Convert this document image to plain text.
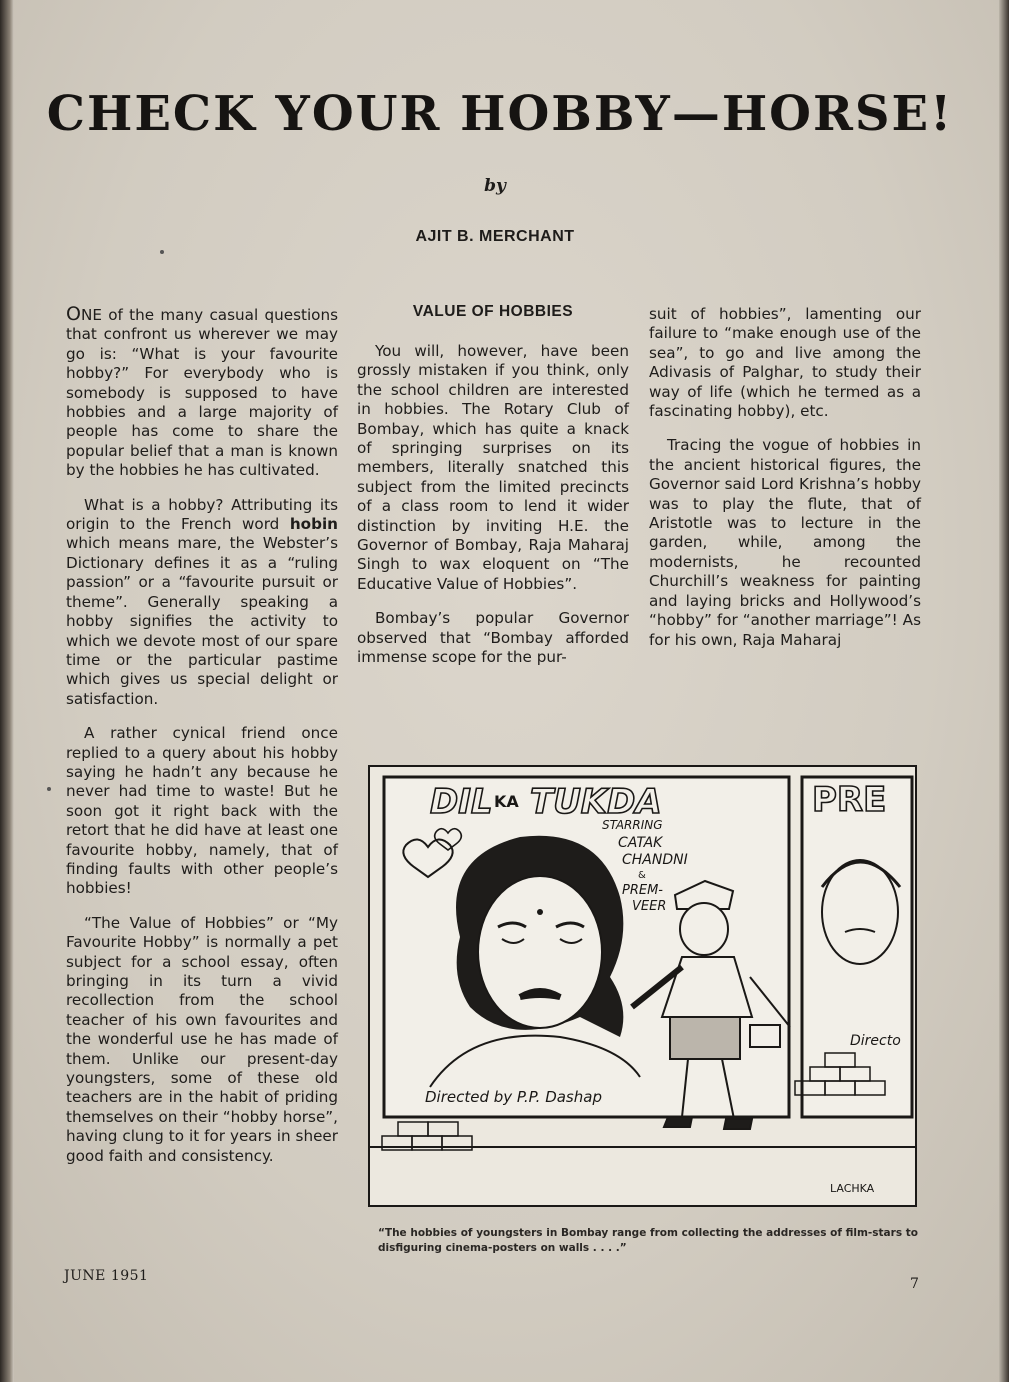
CHECK YOUR HOBBY—HORSE!
by
AJIT B. MERCHANT

ONE of the many casual questions that confront us wherever we may go is: “What is your favourite hobby?” For everybody who is somebody is supposed to have hobbies and a large majority of people has come to share the popular belief that a man is known by the hobbies he has cultivated.

What is a hobby? Attributing its origin to the French word hobin which means mare, the Webster’s Dictionary defines it as a “ruling passion” or a “favourite pursuit or theme”. Generally speaking a hobby signifies the activity to which we devote most of our spare time or the particular pastime which gives us special delight or satisfaction.

A rather cynical friend once replied to a query about his hobby saying he hadn’t any because he never had time to waste! But he soon got it right back with the retort that he did have at least one favourite hobby, namely, that of finding faults with other people’s hobbies!

“The Value of Hobbies” or “My Favourite Hobby” is normally a pet subject for a school essay, often bringing in its turn a vivid recollection from the school teacher of his own favourites and the wonderful use he has made of them. Unlike our present-day youngsters, some of these old teachers are in the habit of priding themselves on their “hobby horse”, having clung to it for years in sheer good faith and consistency.

VALUE OF HOBBIES

You will, however, have been grossly mistaken if you think, only the school children are interested in hobbies. The Rotary Club of Bombay, which has quite a knack of springing surprises on its members, literally snatched this subject from the limited precincts of a class room to lend it wider distinction by inviting H.E. the Governor of Bombay, Raja Maharaj Singh to wax eloquent on “The Educative Value of Hobbies”.

Bombay’s popular Governor observed that “Bombay afforded immense scope for the pur-

suit of hobbies”, lamenting our failure to “make enough use of the sea”, to go and live among the Adivasis of Palghar, to study their way of life (which he termed as a fascinating hobby), etc.

Tracing the vogue of hobbies in the ancient historical figures, the Governor said Lord Krishna’s hobby was to play the flute, that of Aristotle was to lecture in the garden, while, among the modernists, he recounted Churchill’s weakness for painting and laying bricks and Hollywood’s “hobby” for “another marriage”! As for his own, Raja Maharaj

DIL KA TUKDA
STARRING
CATAK
CHANDNI
&
PREM-
VEER
Directed by P.P. Dashap
PRE
Directo
LACHKA
“The hobbies of youngsters in Bombay range from collecting the addresses of film-stars to disfiguring cinema-posters on walls . . . .”
JUNE 1951	7
